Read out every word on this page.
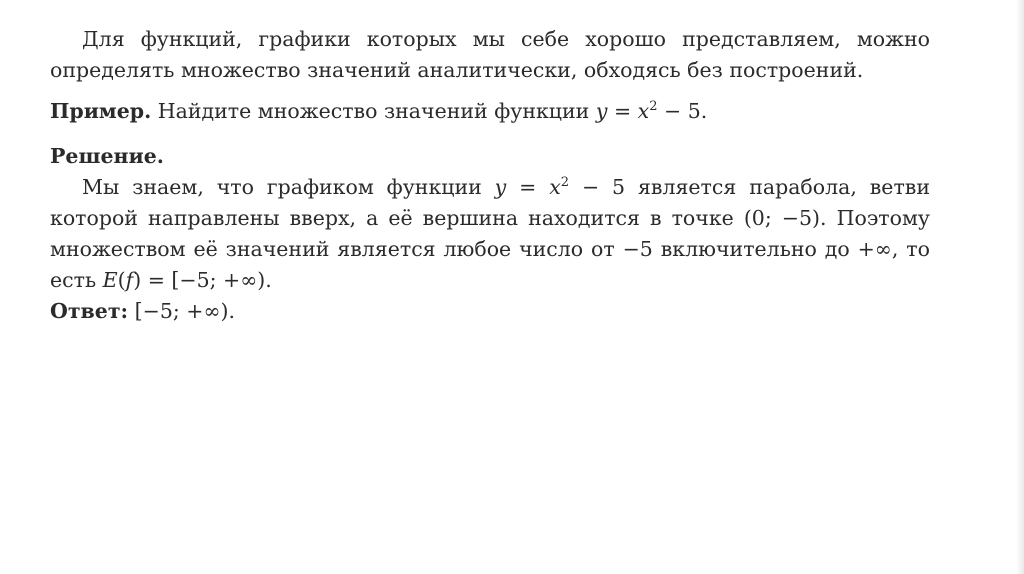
Для функций, графики которых мы себе хорошо представляем, можно определять множество значений аналитически, обходясь без построений.

Пример. Найдите множество значений функции $y = x^2 - 5$.

Решение.

Мы знаем, что графиком функции $y = x^2 - 5$ является парабола, ветви которой направлены вверх, а её вершина находится в точке (0; −5). Поэтому множеством её значений является любое число от −5 включительно до +∞, то есть E(f) = [−5; +∞).

Ответ: [−5; +∞).
